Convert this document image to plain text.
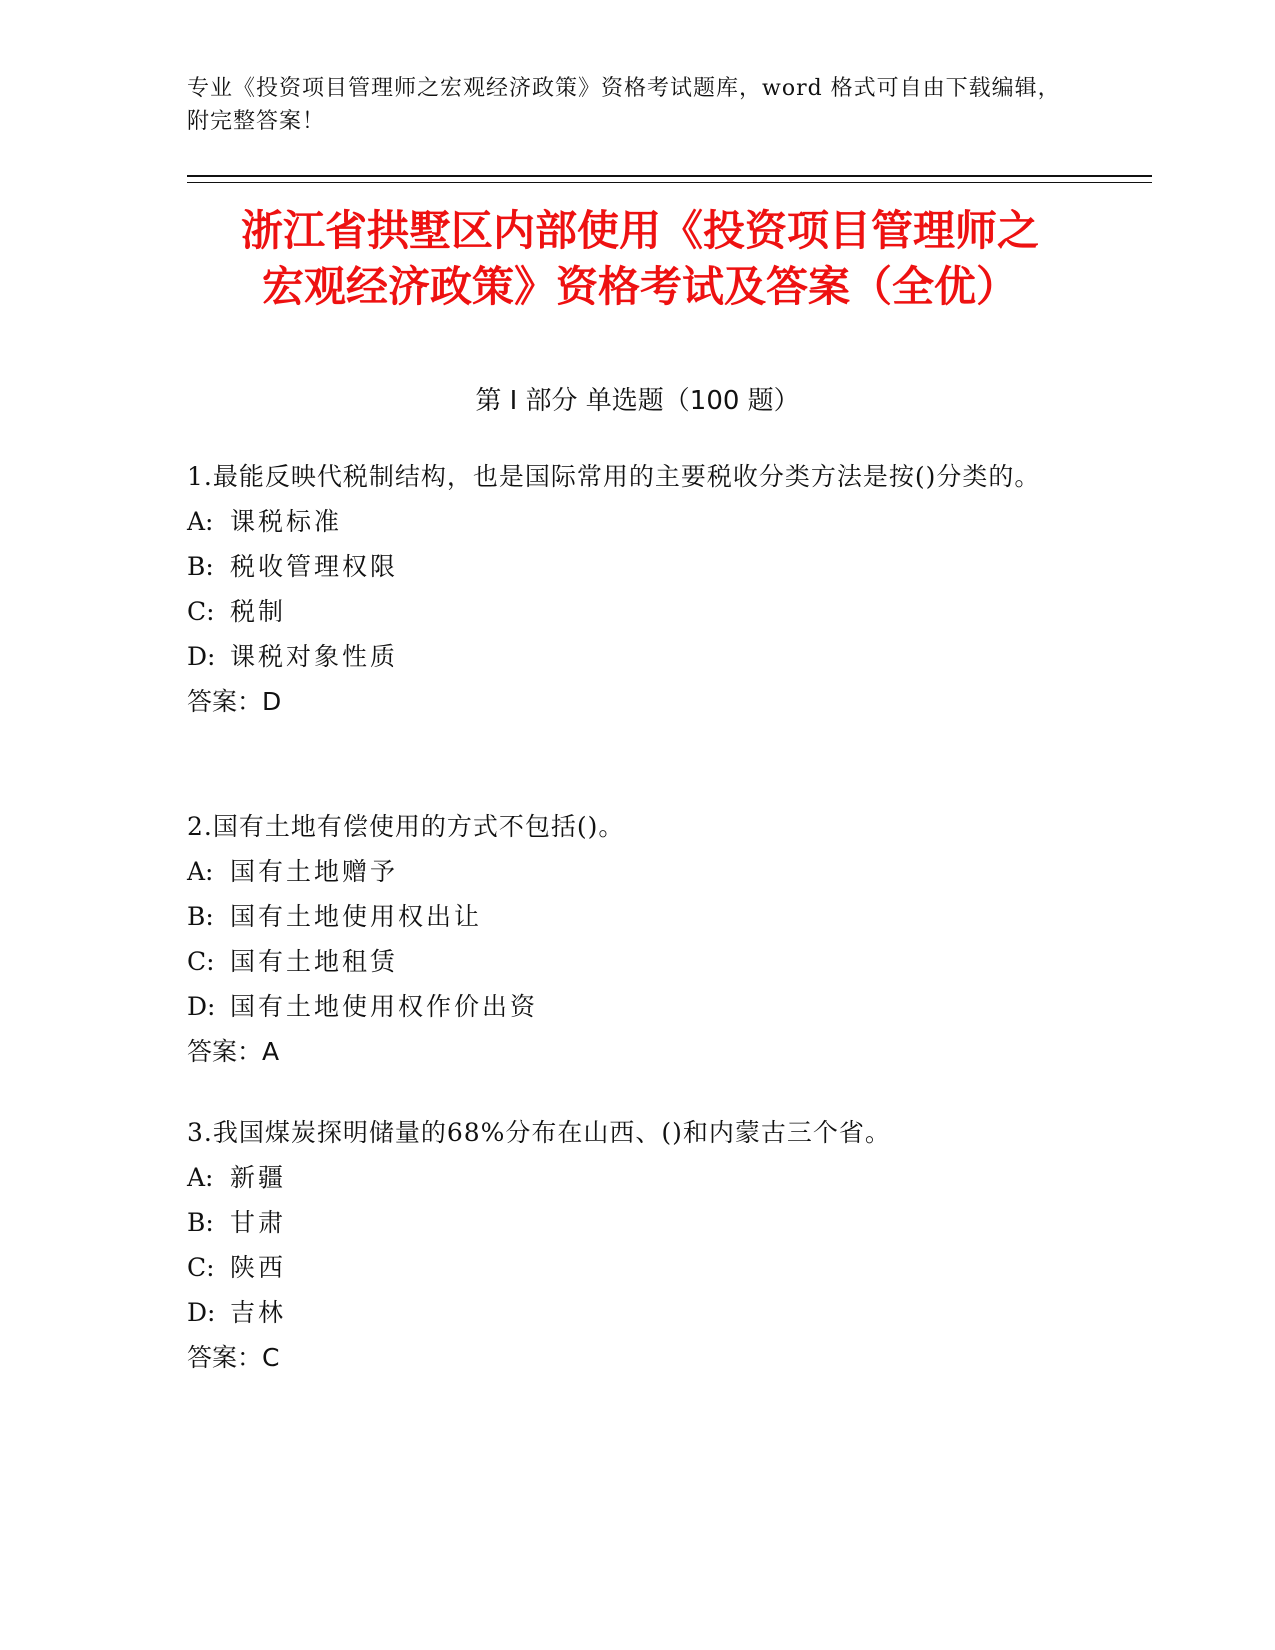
专业《投资项目管理师之宏观经济政策》资格考试题库，word 格式可自由下载编辑，附完整答案！
浙江省拱墅区内部使用《投资项目管理师之
宏观经济政策》资格考试及答案（全优）
第 I 部分 单选题（100 题）
1.最能反映代税制结构，也是国际常用的主要税收分类方法是按()分类的。
A: 课税标准
B: 税收管理权限
C: 税制
D: 课税对象性质
答案：D
2.国有土地有偿使用的方式不包括()。
A: 国有土地赠予
B: 国有土地使用权出让
C: 国有土地租赁
D: 国有土地使用权作价出资
答案：A
3.我国煤炭探明储量的68%分布在山西、()和内蒙古三个省。
A: 新疆
B: 甘肃
C: 陕西
D: 吉林
答案：C
